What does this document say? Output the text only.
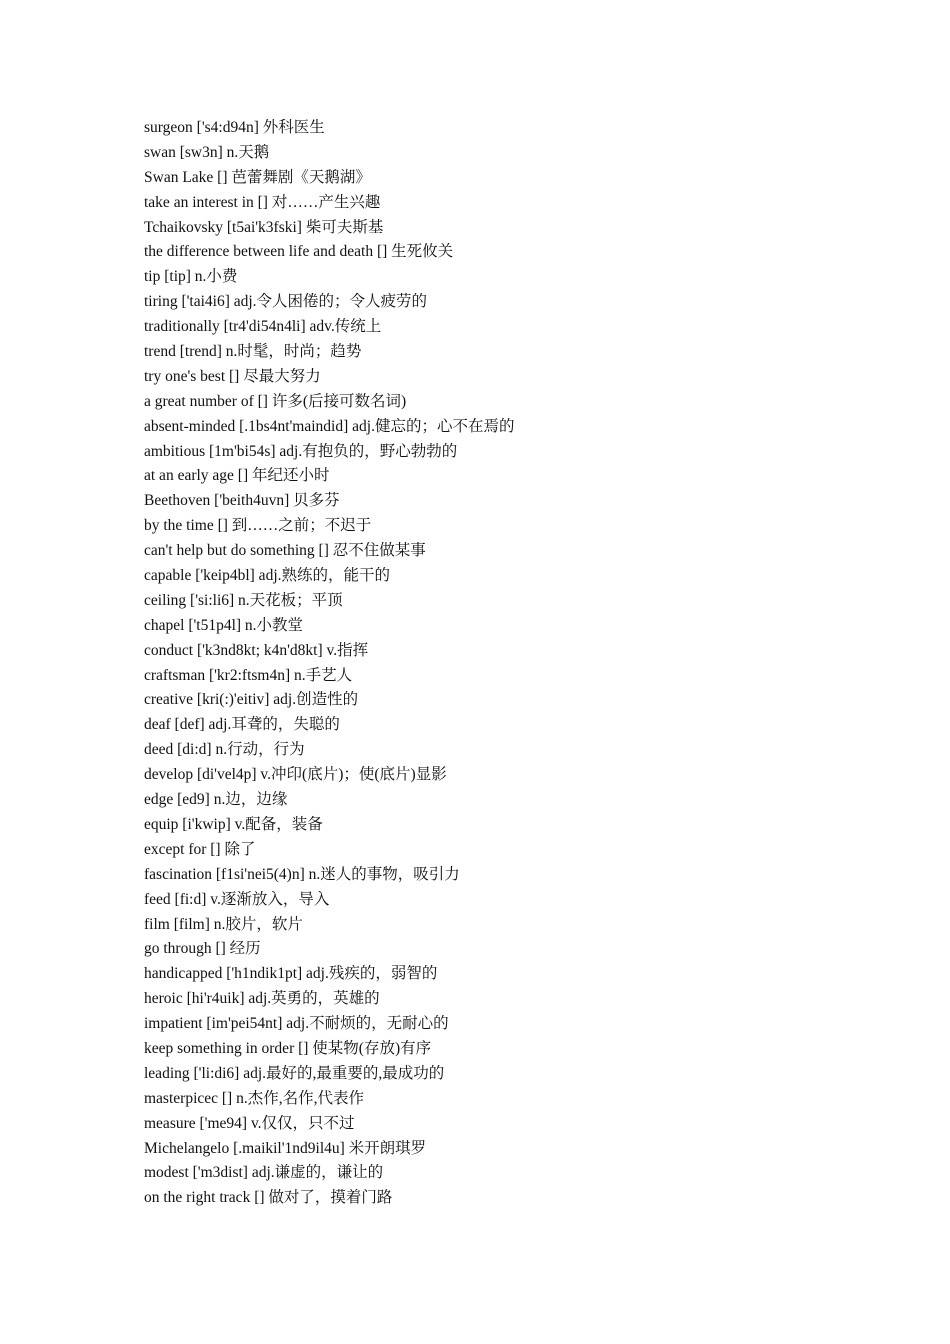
surgeon ['s4:d94n] 外科医生
swan [sw3n] n.天鹅
Swan Lake [] 芭蕾舞剧《天鹅湖》
take an interest in [] 对……产生兴趣
Tchaikovsky [t5ai'k3fski] 柴可夫斯基
the difference between life and death [] 生死攸关
tip [tip] n.小费
tiring ['tai4i6] adj.令人困倦的；令人疲劳的
traditionally [tr4'di54n4li] adv.传统上
trend [trend] n.时髦，时尚；趋势
try one's best [] 尽最大努力
a great number of [] 许多(后接可数名词)
absent-minded [.1bs4nt'maindid] adj.健忘的；心不在焉的
ambitious [1m'bi54s] adj.有抱负的，野心勃勃的
at an early age [] 年纪还小时
Beethoven ['beith4uvn] 贝多芬
by the time [] 到……之前；不迟于
can't help but do something [] 忍不住做某事
capable ['keip4bl] adj.熟练的，能干的
ceiling ['si:li6] n.天花板；平顶
chapel ['t51p4l] n.小教堂
conduct ['k3nd8kt; k4n'd8kt] v.指挥
craftsman ['kr2:ftsm4n] n.手艺人
creative [kri(:)'eitiv] adj.创造性的
deaf [def] adj.耳聋的，失聪的
deed [di:d] n.行动，行为
develop [di'vel4p] v.冲印(底片)；使(底片)显影
edge [ed9] n.边，边缘
equip [i'kwip] v.配备，装备
except for [] 除了
fascination [f1si'nei5(4)n] n.迷人的事物，吸引力
feed [fi:d] v.逐渐放入，导入
film [film] n.胶片，软片
go through [] 经历
handicapped ['h1ndik1pt] adj.残疾的，弱智的
heroic [hi'r4uik] adj.英勇的，英雄的
impatient [im'pei54nt] adj.不耐烦的，无耐心的
keep something in order [] 使某物(存放)有序
leading ['li:di6] adj.最好的,最重要的,最成功的
masterpicec [] n.杰作,名作,代表作
measure ['me94] v.仅仅，只不过
Michelangelo [.maikil'1nd9il4u] 米开朗琪罗
modest ['m3dist] adj.谦虚的，谦让的
on the right track [] 做对了，摸着门路
